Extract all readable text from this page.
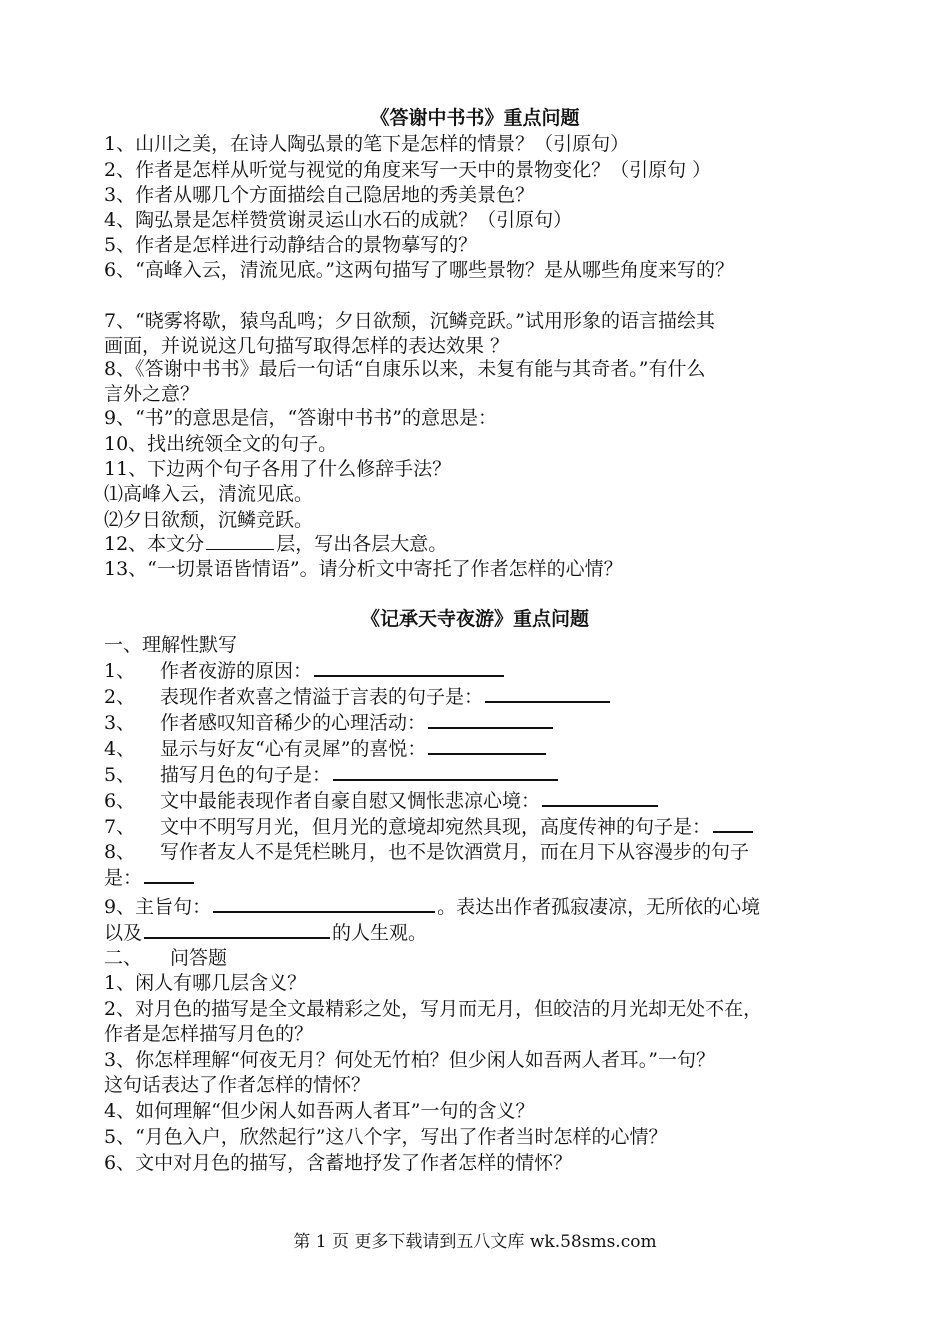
《答谢中书书》重点问题
1、山川之美，在诗人陶弘景的笔下是怎样的情景？（引原句）
2、作者是怎样从听觉与视觉的角度来写一天中的景物变化？（引原句 ）
3、作者从哪几个方面描绘自己隐居地的秀美景色？
4、陶弘景是怎样赞赏谢灵运山水石的成就？（引原句）
5、作者是怎样进行动静结合的景物摹写的？
6、“高峰入云，清流见底。”这两句描写了哪些景物？是从哪些角度来写的？
7、“晓雾将歇，猿鸟乱鸣；夕日欲颓，沉鳞竞跃。”试用形象的语言描绘其
画面，并说说这几句描写取得怎样的表达效果 ？
8、《答谢中书书》最后一句话“自康乐以来，未复有能与其奇者。”有什么
言外之意？
9、“书”的意思是信，“答谢中书书”的意思是：
10、找出统领全文的句子。
11、下边两个句子各用了什么修辞手法？
⑴高峰入云，清流见底。
⑵夕日欲颓，沉鳞竞跃。
12、本文分	层，写出各层大意。
13、“一切景语皆情语”。请分析文中寄托了作者怎样的心情？
《记承天寺夜游》重点问题
一、理解性默写
1、 作者夜游的原因：
2、 表现作者欢喜之情溢于言表的句子是：
3、 作者感叹知音稀少的心理活动：
4、 显示与好友“心有灵犀”的喜悦：
5、 描写月色的句子是：
6、 文中最能表现作者自豪自慰又惆怅悲凉心境：
7、 文中不明写月光，但月光的意境却宛然具现，高度传神的句子是：
8、 写作者友人不是凭栏眺月，也不是饮酒赏月，而在月下从容漫步的句子
是：
9、主旨句：	。表达出作者孤寂凄凉，无所依的心境
以及	的人生观。
二、 问答题
1、闲人有哪几层含义？
2、对月色的描写是全文最精彩之处，写月而无月，但皎洁的月光却无处不在，
作者是怎样描写月色的？
3、你怎样理解“何夜无月？何处无竹柏？但少闲人如吾两人者耳。”一句？
这句话表达了作者怎样的情怀？
4、如何理解“但少闲人如吾两人者耳”一句的含义？
5、“月色入户，欣然起行”这八个字，写出了作者当时怎样的心情？
6、文中对月色的描写，含蓄地抒发了作者怎样的情怀？
第 1 页 更多下载请到五八文库 wk.58sms.com
